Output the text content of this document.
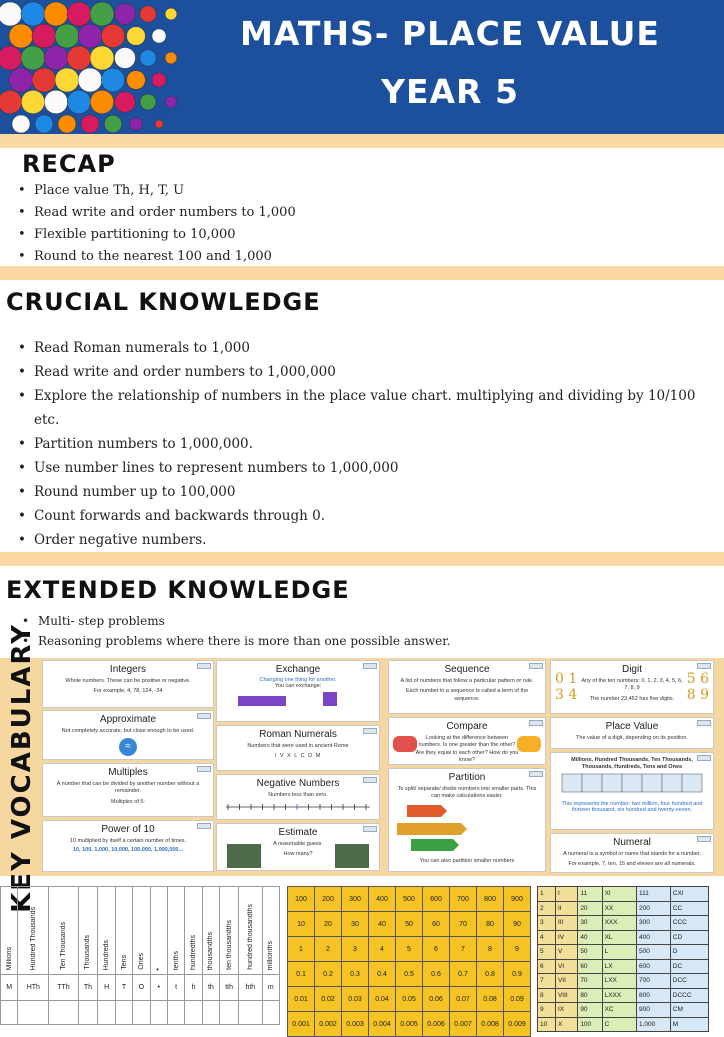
MATHS- PLACE VALUE
YEAR 5
RECAP
• Place value Th, H, T, U
• Read write and order numbers to 1,000
• Flexible partitioning to 10,000
• Round to the nearest 100 and 1,000
CRUCIAL KNOWLEDGE
• Read Roman numerals to 1,000
• Read write and order numbers to 1,000,000
• Explore the relationship of numbers in the place value chart. multiplying and dividing by 10/100 etc.
• Partition numbers to 1,000,000.
• Use number lines to represent numbers to 1,000,000
• Round number up to 100,000
• Count forwards and backwards through 0.
• Order negative numbers.
EXTENDED KNOWLEDGE
• Multi- step problems
• Reasoning problems where there is more than one possible answer.
KEY VOCABULARY	Integers
Whole numbers. These can be positive or negative.
For example, 4, 78, 124, -34
Approximate
Not completely accurate, but close enough to be used.
≈
Multiples
A number that can be divided by another number without a remainder.
Multiples of 5:
Power of 10
10 multiplied by itself a certain number of times.
10, 100, 1,000, 10,000, 100,000, 1,000,000...
Exchange
Changing one thing for another.
You can exchange:
Roman Numerals
Numbers that were used in ancient Rome
I V X L C D M
Negative Numbers
Numbers less than zero.
Estimate
A reasonable guess.
How many?
Sequence
A list of numbers that follow a particular pattern or rule.
Each number in a sequence is called a term of the sequence.
Compare
Looking at the difference between numbers. Is one greater than the other? Are they equal to each other? How do you know?
Partition
To split/ separate/ divide numbers into smaller parts. This can make calculations easier.
You can also partition smaller numbers
Digit
Any of the ten numbers: 0, 1, 2, 3, 4, 5, 6, 7, 8, 9
The number 23,452 has five digits.
0 1
3 4
5 6
8 9
Place Value
The value of a digit, depending on its position.
Millions, Hundred Thousands, Ten Thousands, Thousands, Hundreds, Tens and Ones
This represents the number: two million, four hundred and thirteen thousand, six hundred and twenty-seven.
Numeral
A numeral is a symbol or name that stands for a number.
For example, 7, ten, 15 and eleven are all numerals.
Millions	Hundred Thousands	Ten Thousands	Thousands	Hundreds	Tens	Ones	•	tenths	hundredths	thousandths	ten thousandths	hundred thousandths	millionths

M	HTh	TTh	Th	H	T	O	•	t	h	th	tth	hth	m

100	200	300	400	500	600	700	800	900
10	20	30	40	50	60	70	80	90
1	2	3	4	5	6	7	8	9
0.1	0.2	0.3	0.4	0.5	0.6	0.7	0.8	0.9
0.01	0.02	0.03	0.04	0.05	0.06	0.07	0.08	0.09
0.001	0.002	0.003	0.004	0.005	0.006	0.007	0.008	0.009
1	I	11	XI	111	CXI
2	II	20	XX	200	CC
3	III	30	XXX	300	CCC
4	IV	40	XL	400	CD
5	V	50	L	500	D
6	VI	60	LX	600	DC
7	VII	70	LXX	700	DCC
8	VIII	80	LXXX	800	DCCC
9	IX	90	XC	900	CM
10	X	100	C	1,000	M
